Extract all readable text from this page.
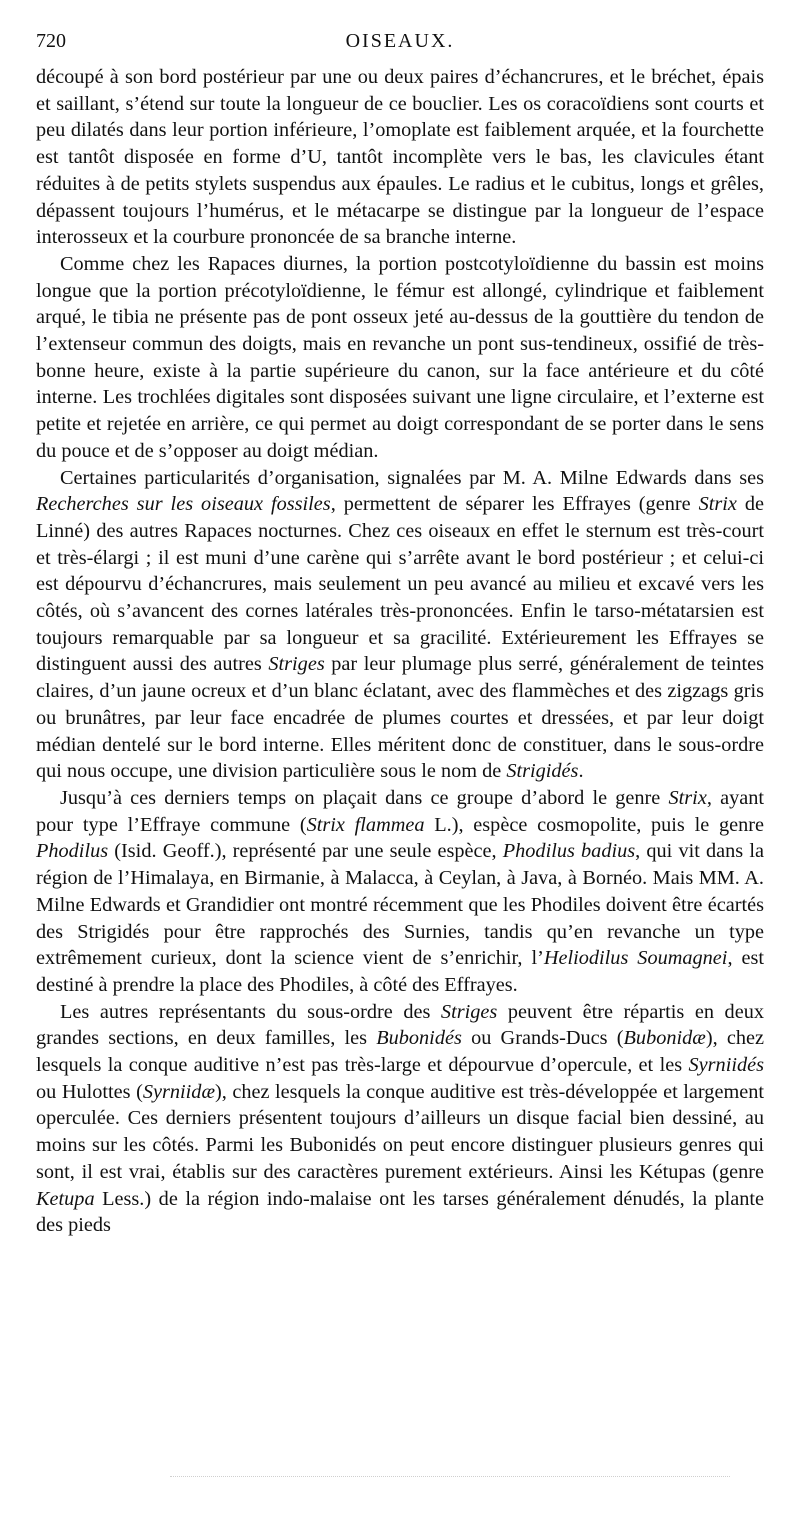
720	OISEAUX.

découpé à son bord postérieur par une ou deux paires d’échancrures, et le bréchet, épais et saillant, s’étend sur toute la longueur de ce bouclier. Les os coracoïdiens sont courts et peu dilatés dans leur portion inférieure, l’omoplate est faiblement arquée, et la fourchette est tantôt disposée en forme d’U, tantôt incomplète vers le bas, les clavicules étant réduites à de petits stylets suspendus aux épaules. Le radius et le cubitus, longs et grêles, dépassent toujours l’humérus, et le métacarpe se distingue par la longueur de l’espace interosseux et la courbure prononcée de sa branche interne.

Comme chez les Rapaces diurnes, la portion postcotyloïdienne du bassin est moins longue que la portion précotyloïdienne, le fémur est allongé, cylindrique et faiblement arqué, le tibia ne présente pas de pont osseux jeté au-dessus de la gouttière du tendon de l’extenseur commun des doigts, mais en revanche un pont sus-tendineux, ossifié de très-bonne heure, existe à la partie supérieure du canon, sur la face antérieure et du côté interne. Les trochlées digitales sont disposées suivant une ligne circulaire, et l’externe est petite et rejetée en arrière, ce qui permet au doigt correspondant de se porter dans le sens du pouce et de s’opposer au doigt médian.

Certaines particularités d’organisation, signalées par M. A. Milne Edwards dans ses Recherches sur les oiseaux fossiles, permettent de séparer les Effrayes (genre Strix de Linné) des autres Rapaces nocturnes. Chez ces oiseaux en effet le sternum est très-court et très-élargi ; il est muni d’une carène qui s’arrête avant le bord postérieur ; et celui-ci est dépourvu d’échancrures, mais seulement un peu avancé au milieu et excavé vers les côtés, où s’avancent des cornes latérales très-prononcées. Enfin le tarso-métatarsien est toujours remarquable par sa longueur et sa gracilité. Extérieurement les Effrayes se distinguent aussi des autres Striges par leur plumage plus serré, généralement de teintes claires, d’un jaune ocreux et d’un blanc éclatant, avec des flammèches et des zigzags gris ou brunâtres, par leur face encadrée de plumes courtes et dressées, et par leur doigt médian dentelé sur le bord interne. Elles méritent donc de constituer, dans le sous-ordre qui nous occupe, une division particulière sous le nom de Strigidés.

Jusqu’à ces derniers temps on plaçait dans ce groupe d’abord le genre Strix, ayant pour type l’Effraye commune (Strix flammea L.), espèce cosmopolite, puis le genre Phodilus (Isid. Geoff.), représenté par une seule espèce, Phodilus badius, qui vit dans la région de l’Himalaya, en Birmanie, à Malacca, à Ceylan, à Java, à Bornéo. Mais MM. A. Milne Edwards et Grandidier ont montré récemment que les Phodiles doivent être écartés des Strigidés pour être rapprochés des Surnies, tandis qu’en revanche un type extrêmement curieux, dont la science vient de s’enrichir, l’Heliodilus Soumagnei, est destiné à prendre la place des Phodiles, à côté des Effrayes.

Les autres représentants du sous-ordre des Striges peuvent être répartis en deux grandes sections, en deux familles, les Bubonidés ou Grands-Ducs (Bubonidæ), chez lesquels la conque auditive n’est pas très-large et dépourvue d’opercule, et les Syrniidés ou Hulottes (Syrniidæ), chez lesquels la conque auditive est très-développée et largement operculée. Ces derniers présentent toujours d’ailleurs un disque facial bien dessiné, au moins sur les côtés. Parmi les Bubonidés on peut encore distinguer plusieurs genres qui sont, il est vrai, établis sur des caractères purement extérieurs. Ainsi les Kétupas (genre Ketupa Less.) de la région indo-malaise ont les tarses généralement dénudés, la plante des pieds
